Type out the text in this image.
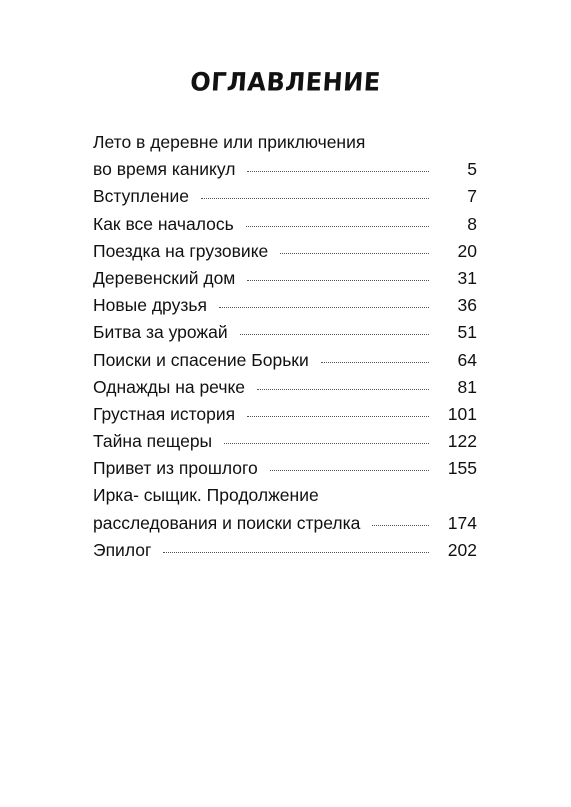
ОГЛАВЛЕНИЕ
Лето в деревне или приключения
во время каникул	5
Вступление	7
Как все началось	8
Поездка на грузовике	20
Деревенский дом	31
Новые друзья	36
Битва за урожай	51
Поиски и спасение Борьки	64
Однажды на речке	81
Грустная история	101
Тайна пещеры	122
Привет из прошлого	155
Ирка- сыщик. Продолжение
расследования и поиски стрелка	174
Эпилог	202
